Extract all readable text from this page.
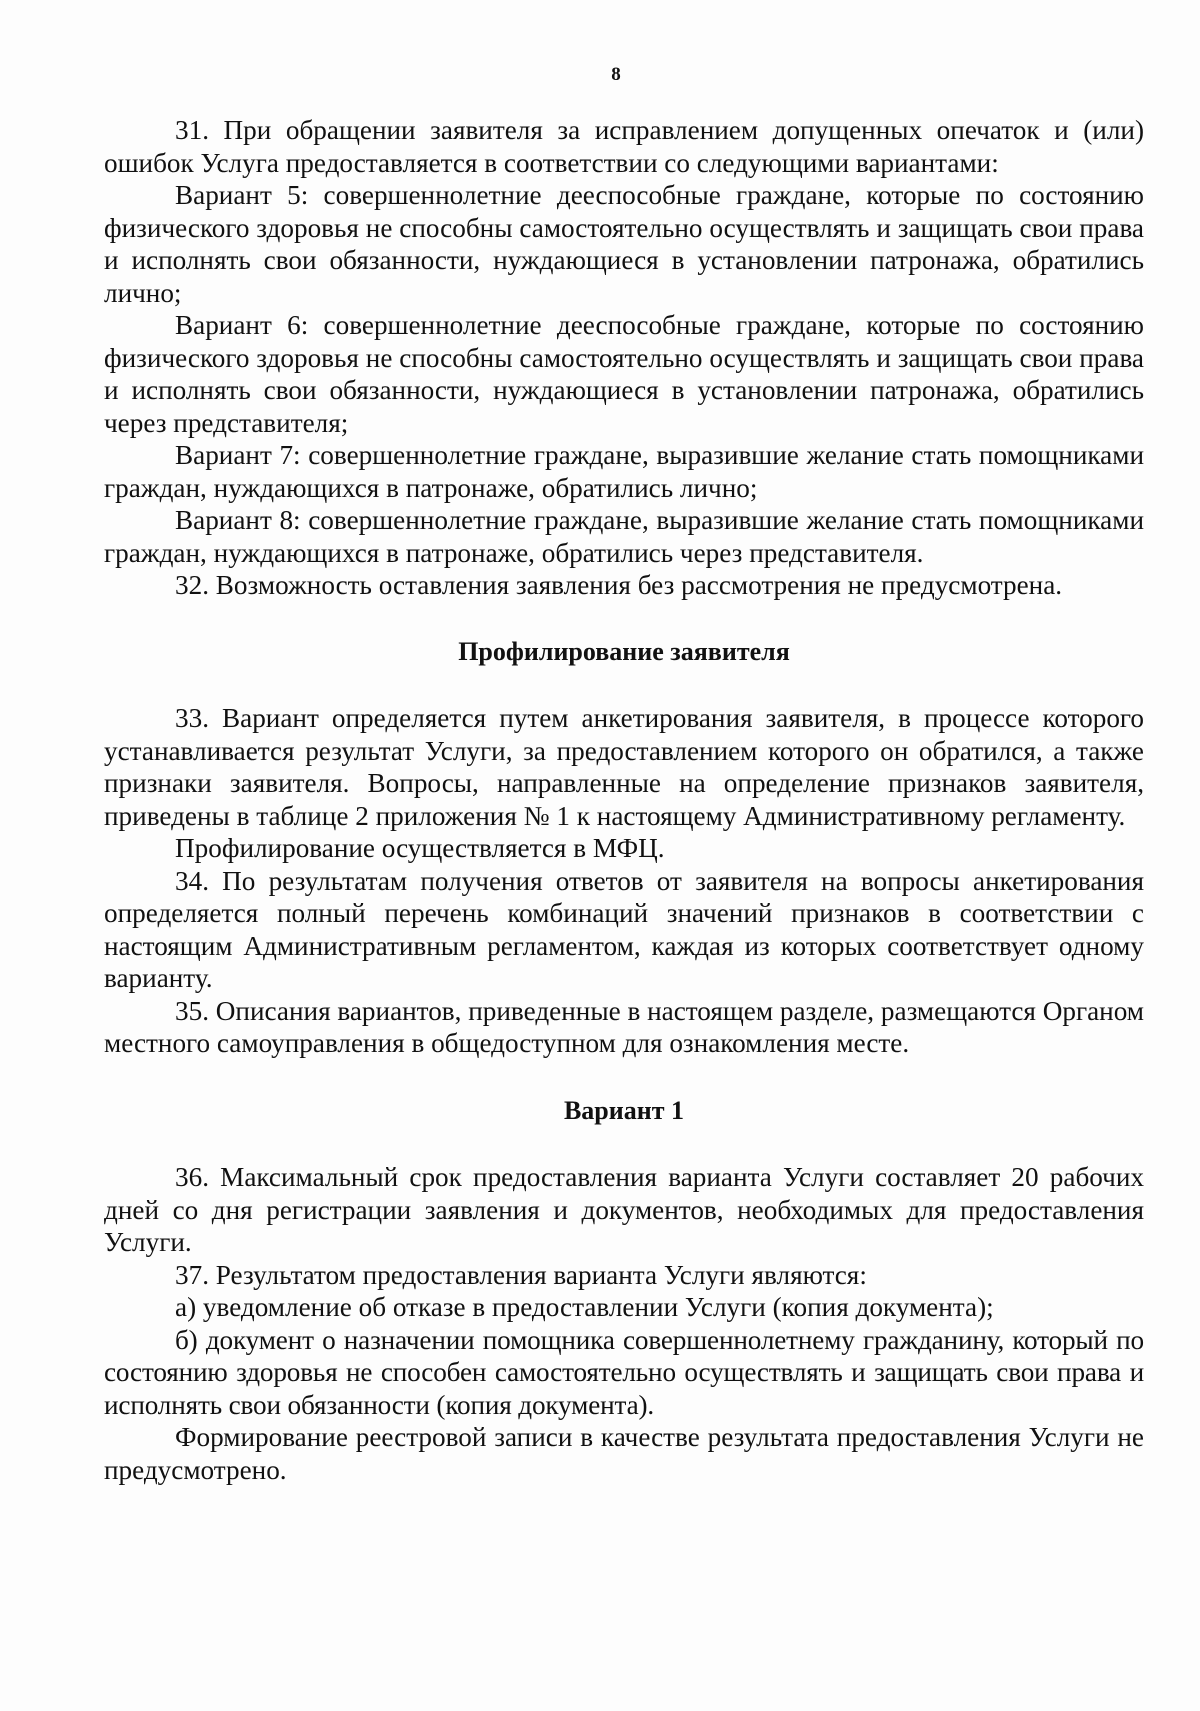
8

31. При обращении заявителя за исправлением допущенных опечаток и (или) ошибок Услуга предоставляется в соответствии со следующими вариантами:

Вариант 5: совершеннолетние дееспособные граждане, которые по состоянию физического здоровья не способны самостоятельно осуществлять и защищать свои права и исполнять свои обязанности, нуждающиеся в установлении патронажа, обратились лично;

Вариант 6: совершеннолетние дееспособные граждане, которые по состоянию физического здоровья не способны самостоятельно осуществлять и защищать свои права и исполнять свои обязанности, нуждающиеся в установлении патронажа, обратились через представителя;

Вариант 7: совершеннолетние граждане, выразившие желание стать помощниками граждан, нуждающихся в патронаже, обратились лично;

Вариант 8: совершеннолетние граждане, выразившие желание стать помощниками граждан, нуждающихся в патронаже, обратились через представителя.

32. Возможность оставления заявления без рассмотрения не предусмотрена.

Профилирование заявителя

33. Вариант определяется путем анкетирования заявителя, в процессе которого устанавливается результат Услуги, за предоставлением которого он обратился, а также признаки заявителя. Вопросы, направленные на определение признаков заявителя, приведены в таблице 2 приложения № 1 к настоящему Административному регламенту.

Профилирование осуществляется в МФЦ.

34. По результатам получения ответов от заявителя на вопросы анкетирования определяется полный перечень комбинаций значений признаков в соответствии с настоящим Административным регламентом, каждая из которых соответствует одному варианту.

35. Описания вариантов, приведенные в настоящем разделе, размещаются Органом местного самоуправления в общедоступном для ознакомления месте.

Вариант 1

36. Максимальный срок предоставления варианта Услуги составляет 20 рабочих дней со дня регистрации заявления и документов, необходимых для предоставления Услуги.

37. Результатом предоставления варианта Услуги являются:

а) уведомление об отказе в предоставлении Услуги (копия документа);

б) документ о назначении помощника совершеннолетнему гражданину, который по состоянию здоровья не способен самостоятельно осуществлять и защищать свои права и исполнять свои обязанности (копия документа).

Формирование реестровой записи в качестве результата предоставления Услуги не предусмотрено.
